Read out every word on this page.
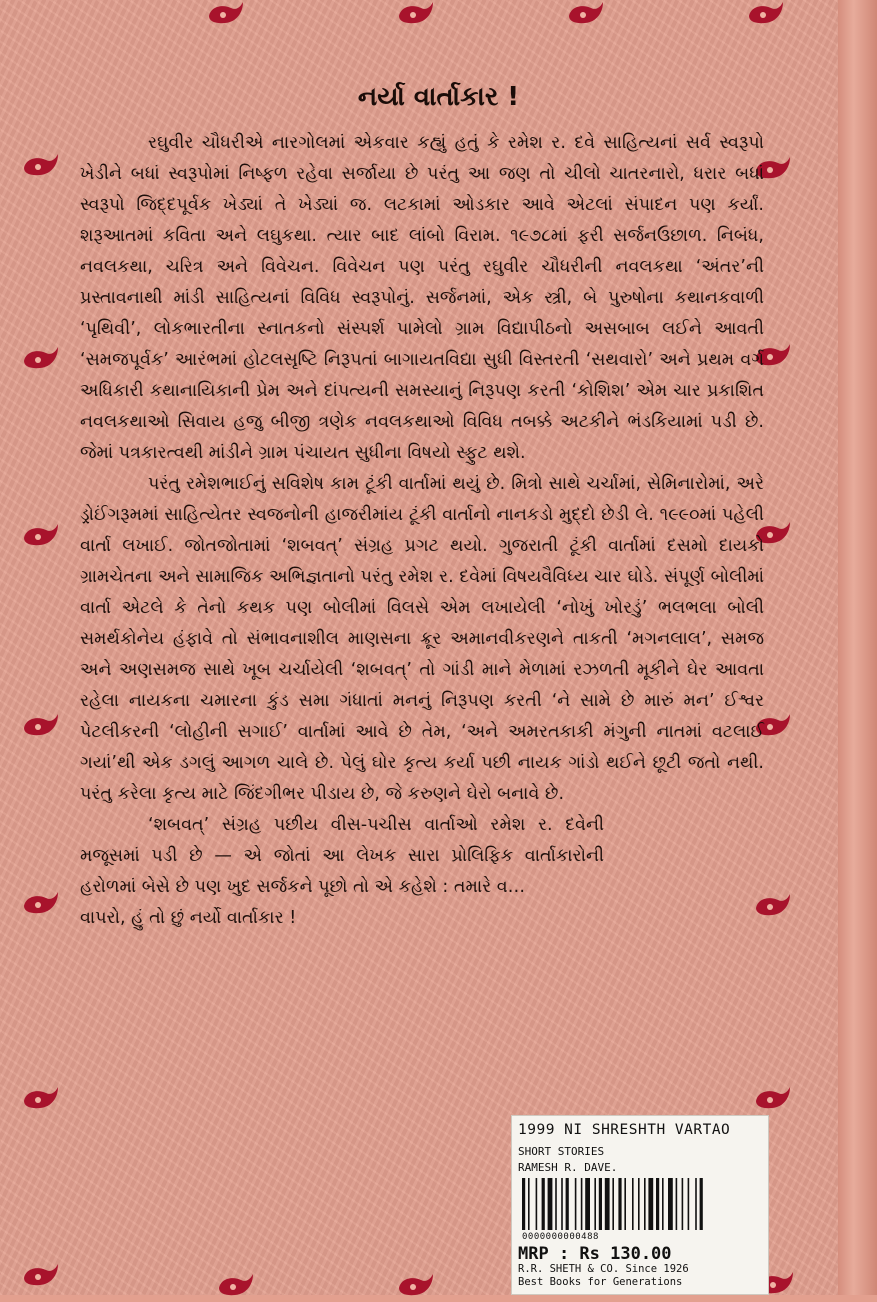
નર્યા વાર્તાકાર !

રઘુવીર ચૌધરીએ નારગોલમાં એકવાર કહ્યું હતું કે રમેશ ર. દવે સાહિત્યનાં સર્વ સ્વરૂપો ખેડીને બધાં સ્વરૂપોમાં નિષ્ફળ રહેવા સર્જાયા છે પરંતુ આ જણ તો ચીલો ચાતરનારો, ધરાર બધાં સ્વરૂપો જિદ્દપૂર્વક ખેડ્યાં તે ખેડ્યાં જ. લટકામાં ઓડકાર આવે એટલાં સંપાદન પણ કર્યાં. શરૂઆતમાં કવિતા અને લઘુકથા. ત્યાર બાદ લાંબો વિરામ. ૧૯૭૮માં ફરી સર્જનઉછાળ. નિબંધ, નવલકથા, ચરિત્ર અને વિવેચન. વિવેચન પણ પરંતુ રઘુવીર ચૌધરીની નવલકથા ‘અંતર’ની પ્રસ્તાવનાથી માંડી સાહિત્યનાં વિવિધ સ્વરૂપોનું. સર્જનમાં, એક સ્ત્રી, બે પુરુષોના કથાનકવાળી ‘પૃથિવી’, લોકભારતીના સ્નાતકનો સંસ્પર્શ પામેલો ગ્રામ વિદ્યાપીઠનો અસબાબ લઈને આવતી ‘સમજપૂર્વક’ આરંભમાં હોટલસૃષ્ટિ નિરૂપતાં બાગાયતવિદ્યા સુધી વિસ્તરતી ‘સથવારો’ અને પ્રથમ વર્ગ અધિકારી કથાનાયિકાની પ્રેમ અને દાંપત્યની સમસ્યાનું નિરૂપણ કરતી ‘કોશિશ’ એમ ચાર પ્રકાશિત નવલકથાઓ સિવાય હજુ બીજી ત્રણેક નવલકથાઓ વિવિધ તબક્કે અટકીને ભંડકિયામાં પડી છે. જેમાં પત્રકારત્વથી માંડીને ગ્રામ પંચાયત સુધીના વિષયો સ્ફુટ થશે.

પરંતુ રમેશભાઈનું સવિશેષ કામ ટૂંકી વાર્તામાં થયું છે. મિત્રો સાથે ચર્ચામાં, સેમિનારોમાં, અરે ડ્રોઈંગરૂમમાં સાહિત્યેતર સ્વજનોની હાજરીમાંય ટૂંકી વાર્તાનો નાનકડો મુદ્દો છેડી લે. ૧૯૯૦માં પહેલી વાર્તા લખાઈ. જોતજોતામાં ‘શબવત્’ સંગ્રહ પ્રગટ થયો. ગુજરાતી ટૂંકી વાર્તામાં દસમો દાયકો ગ્રામચેતના અને સામાજિક અભિજ્ઞતાનો પરંતુ રમેશ ર. દવેમાં વિષયવૈવિધ્ય ચાર ઘોડે. સંપૂર્ણ બોલીમાં વાર્તા એટલે કે તેનો કથક પણ બોલીમાં વિલસે એમ લખાયેલી ‘નોખું ખોરડું’ ભલભલા બોલી સમર્થકોનેય હંફાવે તો સંભાવનાશીલ માણસના ક્રૂર અમાનવીકરણને તાકતી ‘મગનલાલ’, સમજ અને અણસમજ સાથે ખૂબ ચર્ચાયેલી ‘શબવત્’ તો ગાંડી માને મેળામાં રઝળતી મૂકીને ઘેર આવતા રહેલા નાયકના ચમારના કુંડ સમા ગંધાતાં મનનું નિરૂપણ કરતી ‘ને સામે છે મારું મન’ ઈશ્વર પેટલીકરની ‘લોહીની સગાઈ’ વાર્તામાં આવે છે તેમ, ‘અને અમરતકાકી મંગુની નાતમાં વટલાઈ ગયાં’થી એક ડગલું આગળ ચાલે છે. પેલું ઘોર કૃત્ય કર્યા પછી નાયક ગાંડો થઈને છૂટી જતો નથી. પરંતુ કરેલા કૃત્ય માટે જિંદગીભર પીડાય છે, જે કરુણને ઘેરો બનાવે છે.

‘શબવત્’ સંગ્રહ પછીય વીસ-પચીસ વાર્તાઓ રમેશ ર. દવેની મજૂસમાં પડી છે — એ જોતાં આ લેખક સારા પ્રોલિફિક વાર્તાકારોની હરોળમાં બેસે છે પણ ખુદ સર્જકને પૂછો તો એ કહેશે : તમારે વ…

વાપરો, હું તો છું નર્યો વાર્તાકાર !

1999 NI SHRESHTH VARTAO
SHORT STORIES
RAMESH R. DAVE.
0000000000488
MRP : Rs 130.00
R.R. SHETH & CO. Since 1926
Best Books for Generations
